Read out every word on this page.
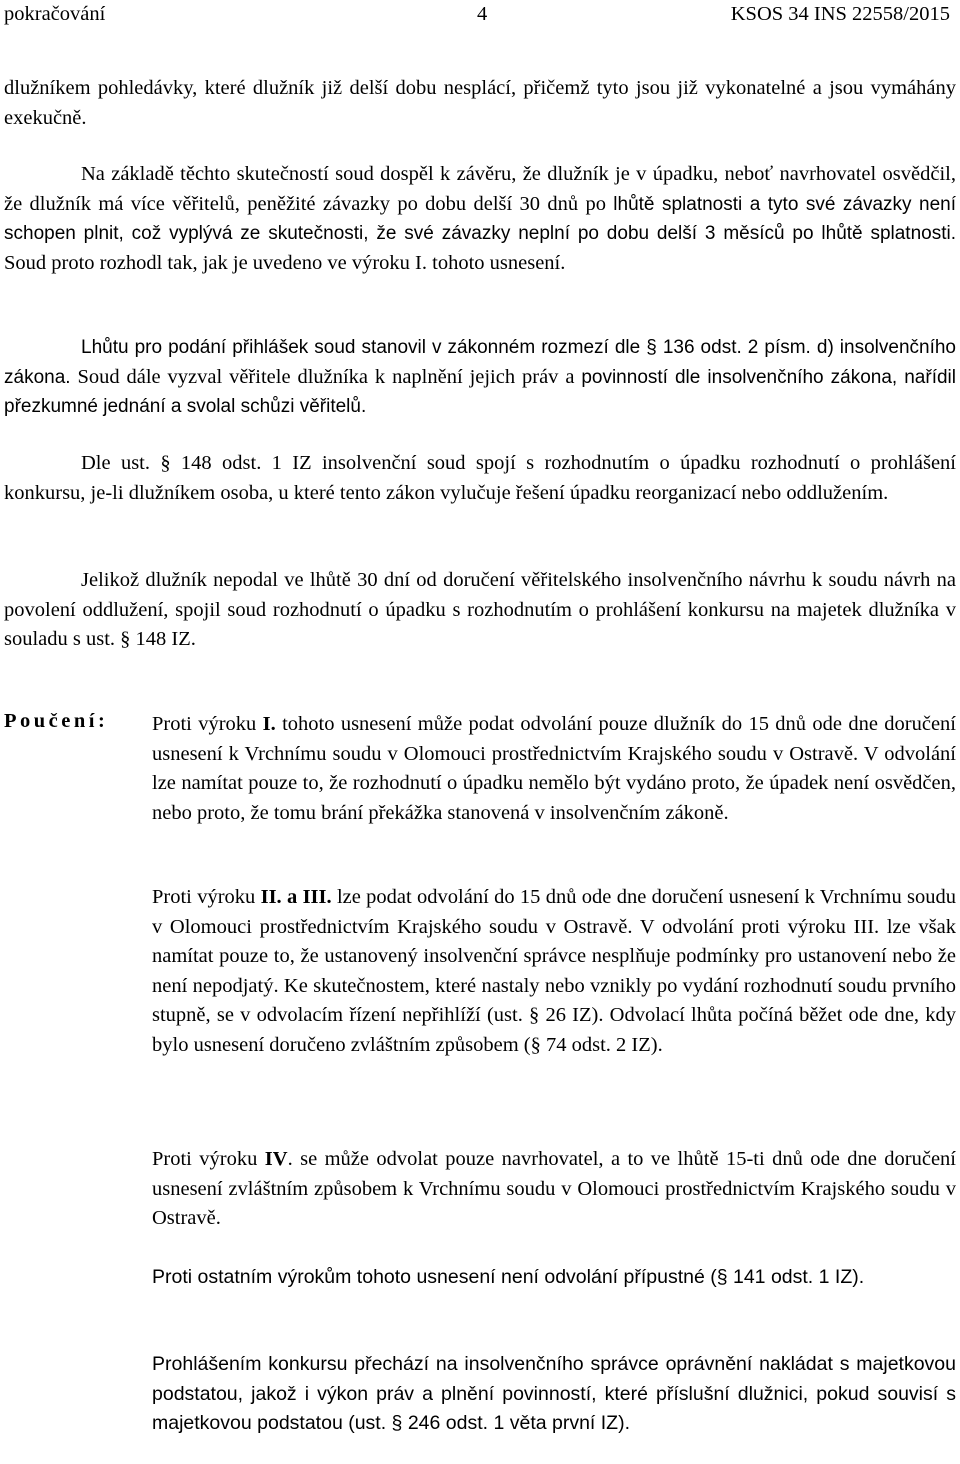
pokračování	4	KSOS 34 INS 22558/2015
dlužníkem pohledávky, které dlužník již delší dobu nesplácí, přičemž tyto jsou již vykonatelné a jsou vymáhány exekučně.
Na základě těchto skutečností soud dospěl k závěru, že dlužník je v úpadku, neboť navrhovatel osvědčil, že dlužník má více věřitelů, peněžité závazky po dobu delší 30 dnů po lhůtě splatnosti a tyto své závazky není schopen plnit, což vyplývá ze skutečnosti, že své závazky neplní po dobu delší 3 měsíců po lhůtě splatnosti. Soud proto rozhodl tak, jak je uvedeno ve výroku I. tohoto usnesení.
Lhůtu pro podání přihlášek soud stanovil v zákonném rozmezí dle § 136 odst. 2 písm. d) insolvenčního zákona. Soud dále vyzval věřitele dlužníka k naplnění jejich práv a povinností dle insolvenčního zákona, nařídil přezkumné jednání a svolal schůzi věřitelů.
Dle ust. § 148 odst. 1 IZ insolvenční soud spojí s rozhodnutím o úpadku rozhodnutí o prohlášení konkursu, je-li dlužníkem osoba, u které tento zákon vylučuje řešení úpadku reorganizací nebo oddlužením.
Jelikož dlužník nepodal ve lhůtě 30 dní od doručení věřitelského insolvenčního návrhu k soudu návrh na povolení oddlužení, spojil soud rozhodnutí o úpadku s rozhodnutím o prohlášení konkursu na majetek dlužníka v souladu s ust. § 148 IZ.
Poučení: Proti výroku I. tohoto usnesení může podat odvolání pouze dlužník do 15 dnů ode dne doručení usnesení k Vrchnímu soudu v Olomouci prostřednictvím Krajského soudu v Ostravě. V odvolání lze namítat pouze to, že rozhodnutí o úpadku nemělo být vydáno proto, že úpadek není osvědčen, nebo proto, že tomu brání překážka stanovená v insolvenčním zákoně.
Proti výroku II. a III. lze podat odvolání do 15 dnů ode dne doručení usnesení k Vrchnímu soudu v Olomouci prostřednictvím Krajského soudu v Ostravě. V odvolání proti výroku III. lze však namítat pouze to, že ustanovený insolvenční správce nesplňuje podmínky pro ustanovení nebo že není nepodjatý. Ke skutečnostem, které nastaly nebo vznikly po vydání rozhodnutí soudu prvního stupně, se v odvolacím řízení nepřihlíží (ust. § 26 IZ). Odvolací lhůta počíná běžet ode dne, kdy bylo usnesení doručeno zvláštním způsobem (§ 74 odst. 2 IZ).
Proti výroku IV. se může odvolat pouze navrhovatel, a to ve lhůtě 15-ti dnů ode dne doručení usnesení zvláštním způsobem k Vrchnímu soudu v Olomouci prostřednictvím Krajského soudu v Ostravě.
Proti ostatním výrokům tohoto usnesení není odvolání přípustné (§ 141 odst. 1 IZ).
Prohlášením konkursu přechází na insolvenčního správce oprávnění nakládat s majetkovou podstatou, jakož i výkon práv a plnění povinností, které příslušní dlužnici, pokud souvisí s majetkovou podstatou (ust. § 246 odst. 1 věta první IZ).
